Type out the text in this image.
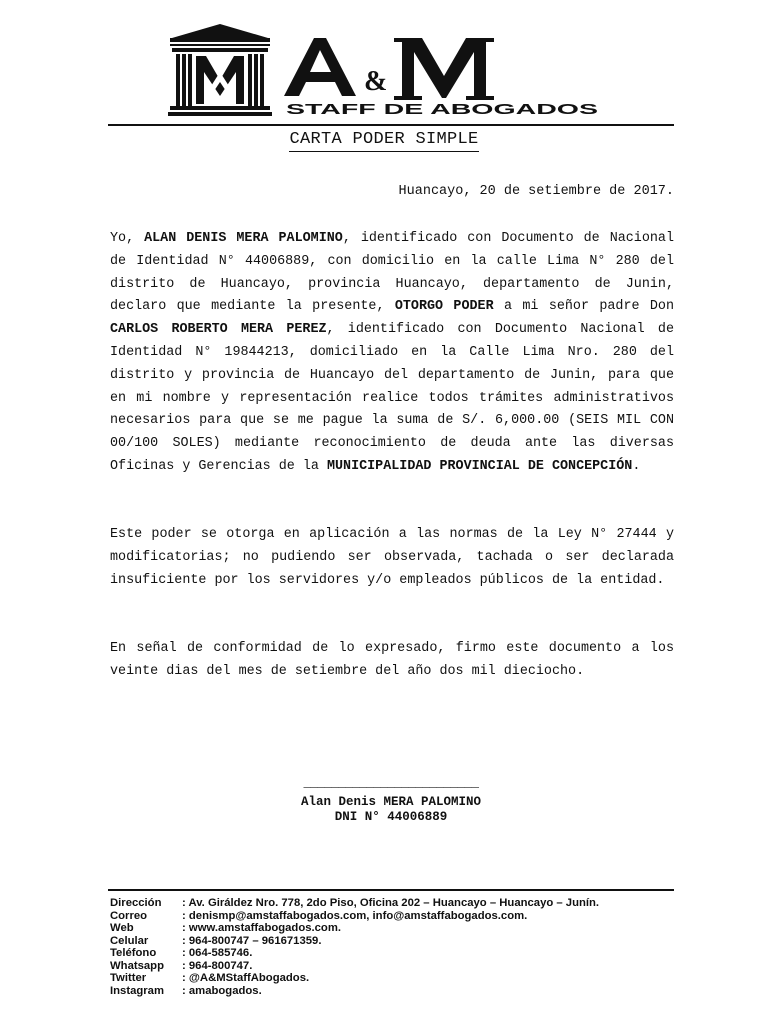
&
STAFF DE ABOGADOS
CARTA PODER SIMPLE
Huancayo, 20 de setiembre de 2017.
Yo, ALAN DENIS MERA PALOMINO, identificado con Documento de Nacional de Identidad N° 44006889, con domicilio en la calle Lima N° 280 del distrito de Huancayo, provincia Huancayo, departamento de Junin, declaro que mediante la presente, OTORGO PODER a mi señor padre Don CARLOS ROBERTO MERA PEREZ, identificado con Documento Nacional de Identidad N° 19844213, domiciliado en la Calle Lima Nro. 280 del distrito y provincia de Huancayo del departamento de Junin, para que en mi nombre y representación realice todos trámites administrativos necesarios para que se me pague la suma de S/. 6,000.00 (SEIS MIL CON 00/100 SOLES) mediante reconocimiento de deuda ante las diversas Oficinas y Gerencias de la MUNICIPALIDAD PROVINCIAL DE CONCEPCIÓN.
Este poder se otorga en aplicación a las normas de la Ley N° 27444 y modificatorias; no pudiendo ser observada, tachada o ser declarada insuficiente por los servidores y/o empleados públicos de la entidad.
En señal de conformidad de lo expresado, firmo este documento a los veinte dias del mes de setiembre del año dos mil dieciocho.
_________________________
Alan Denis MERA PALOMINO
DNI N° 44006889
Dirección	: Av. Giráldez Nro. 778, 2do Piso, Oficina 202 – Huancayo – Huancayo – Junín.
Correo	: denismp@amstaffabogados.com, info@amstaffabogados.com.
Web	: www.amstaffabogados.com.
Celular	: 964-800747 – 961671359.
Teléfono	: 064-585746.
Whatsapp	: 964-800747.
Twitter	: @A&MStaffAbogados.
Instagram	: amabogados.
